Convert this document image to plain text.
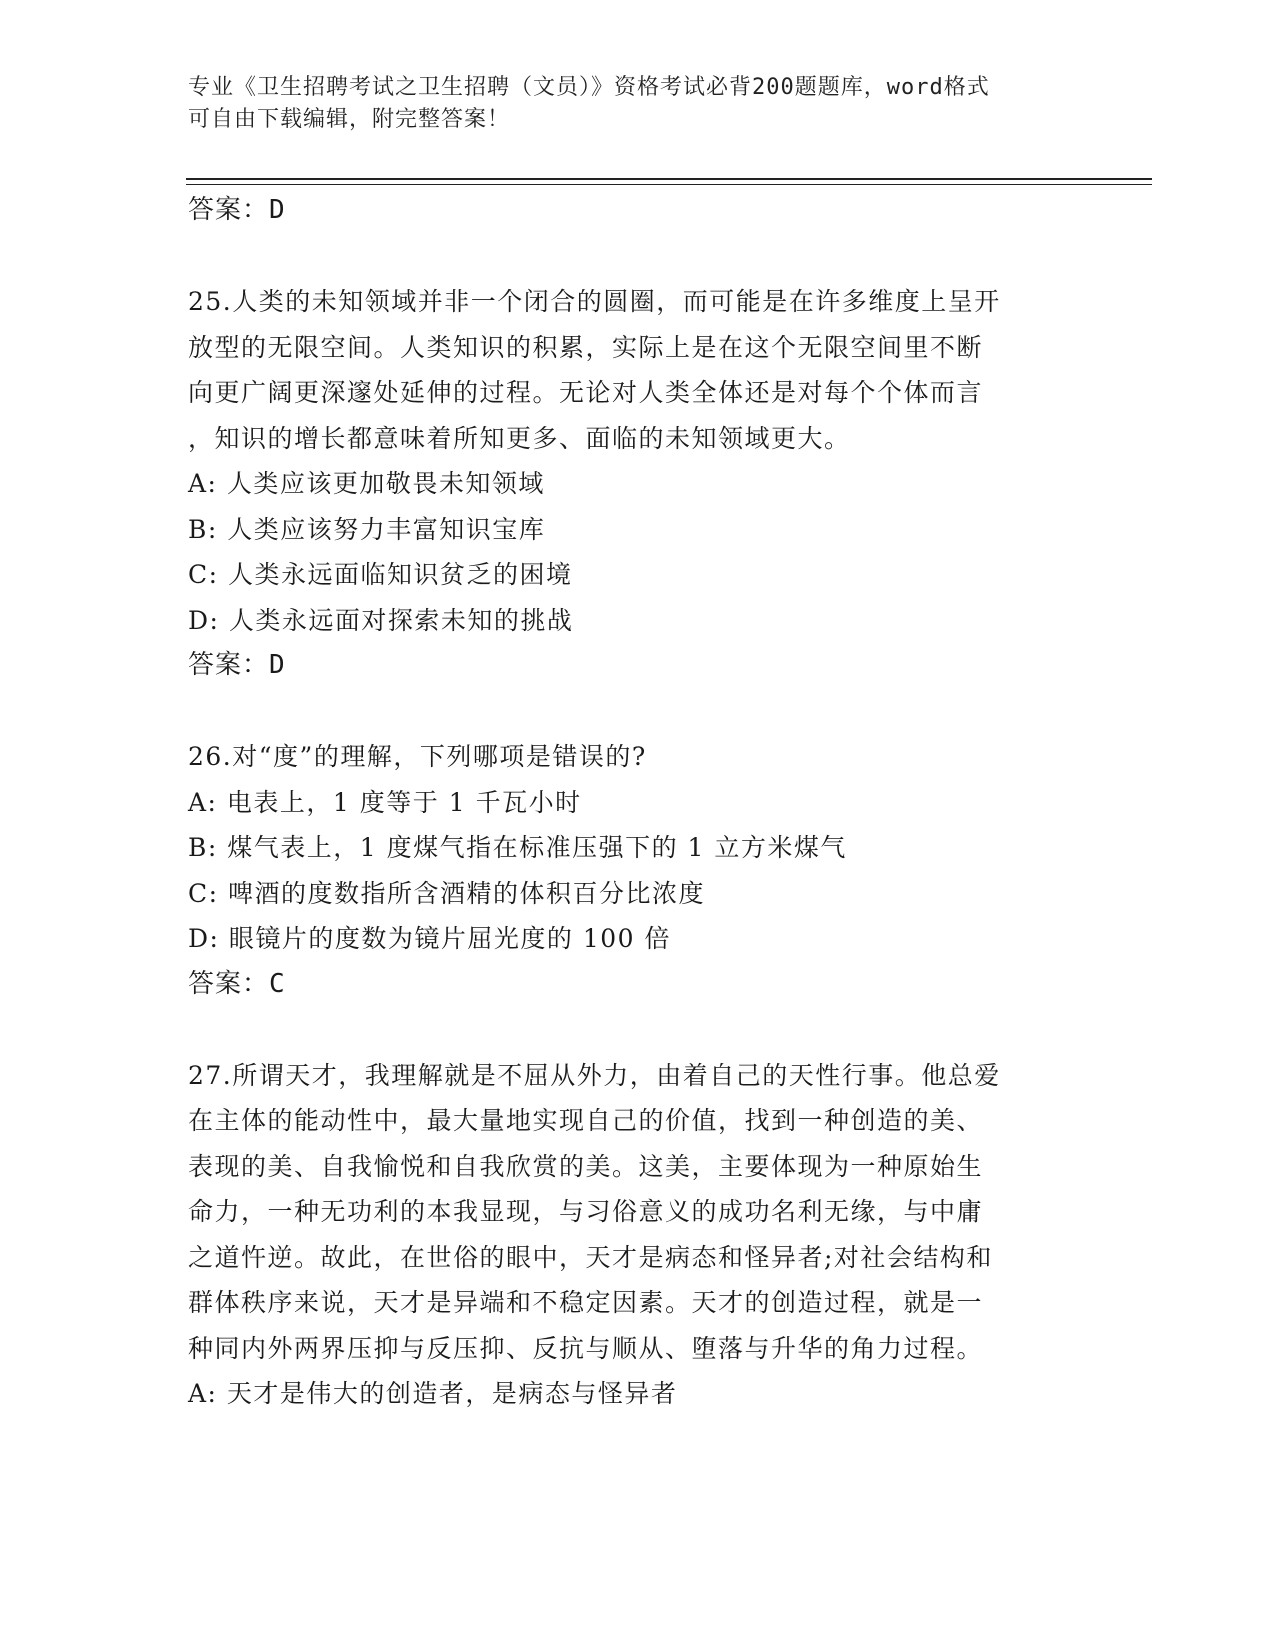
专业《卫生招聘考试之卫生招聘（文员）》资格考试必背200题题库，word格式
可自由下载编辑，附完整答案！
答案：D
25.人类的未知领域并非一个闭合的圆圈，而可能是在许多维度上呈开
放型的无限空间。人类知识的积累，实际上是在这个无限空间里不断
向更广阔更深邃处延伸的过程。无论对人类全体还是对每个个体而言
，知识的增长都意味着所知更多、面临的未知领域更大。
A: 人类应该更加敬畏未知领域
B: 人类应该努力丰富知识宝库
C: 人类永远面临知识贫乏的困境
D: 人类永远面对探索未知的挑战
答案：D
26.对“度”的理解，下列哪项是错误的?
A: 电表上，1 度等于 1 千瓦小时
B: 煤气表上，1 度煤气指在标准压强下的 1 立方米煤气
C: 啤酒的度数指所含酒精的体积百分比浓度
D: 眼镜片的度数为镜片屈光度的 100 倍
答案：C
27.所谓天才，我理解就是不屈从外力，由着自己的天性行事。他总爱
在主体的能动性中，最大量地实现自己的价值，找到一种创造的美、
表现的美、自我愉悦和自我欣赏的美。这美，主要体现为一种原始生
命力，一种无功利的本我显现，与习俗意义的成功名利无缘，与中庸
之道忤逆。故此，在世俗的眼中，天才是病态和怪异者;对社会结构和
群体秩序来说，天才是异端和不稳定因素。天才的创造过程，就是一
种同内外两界压抑与反压抑、反抗与顺从、堕落与升华的角力过程。
A: 天才是伟大的创造者，是病态与怪异者
